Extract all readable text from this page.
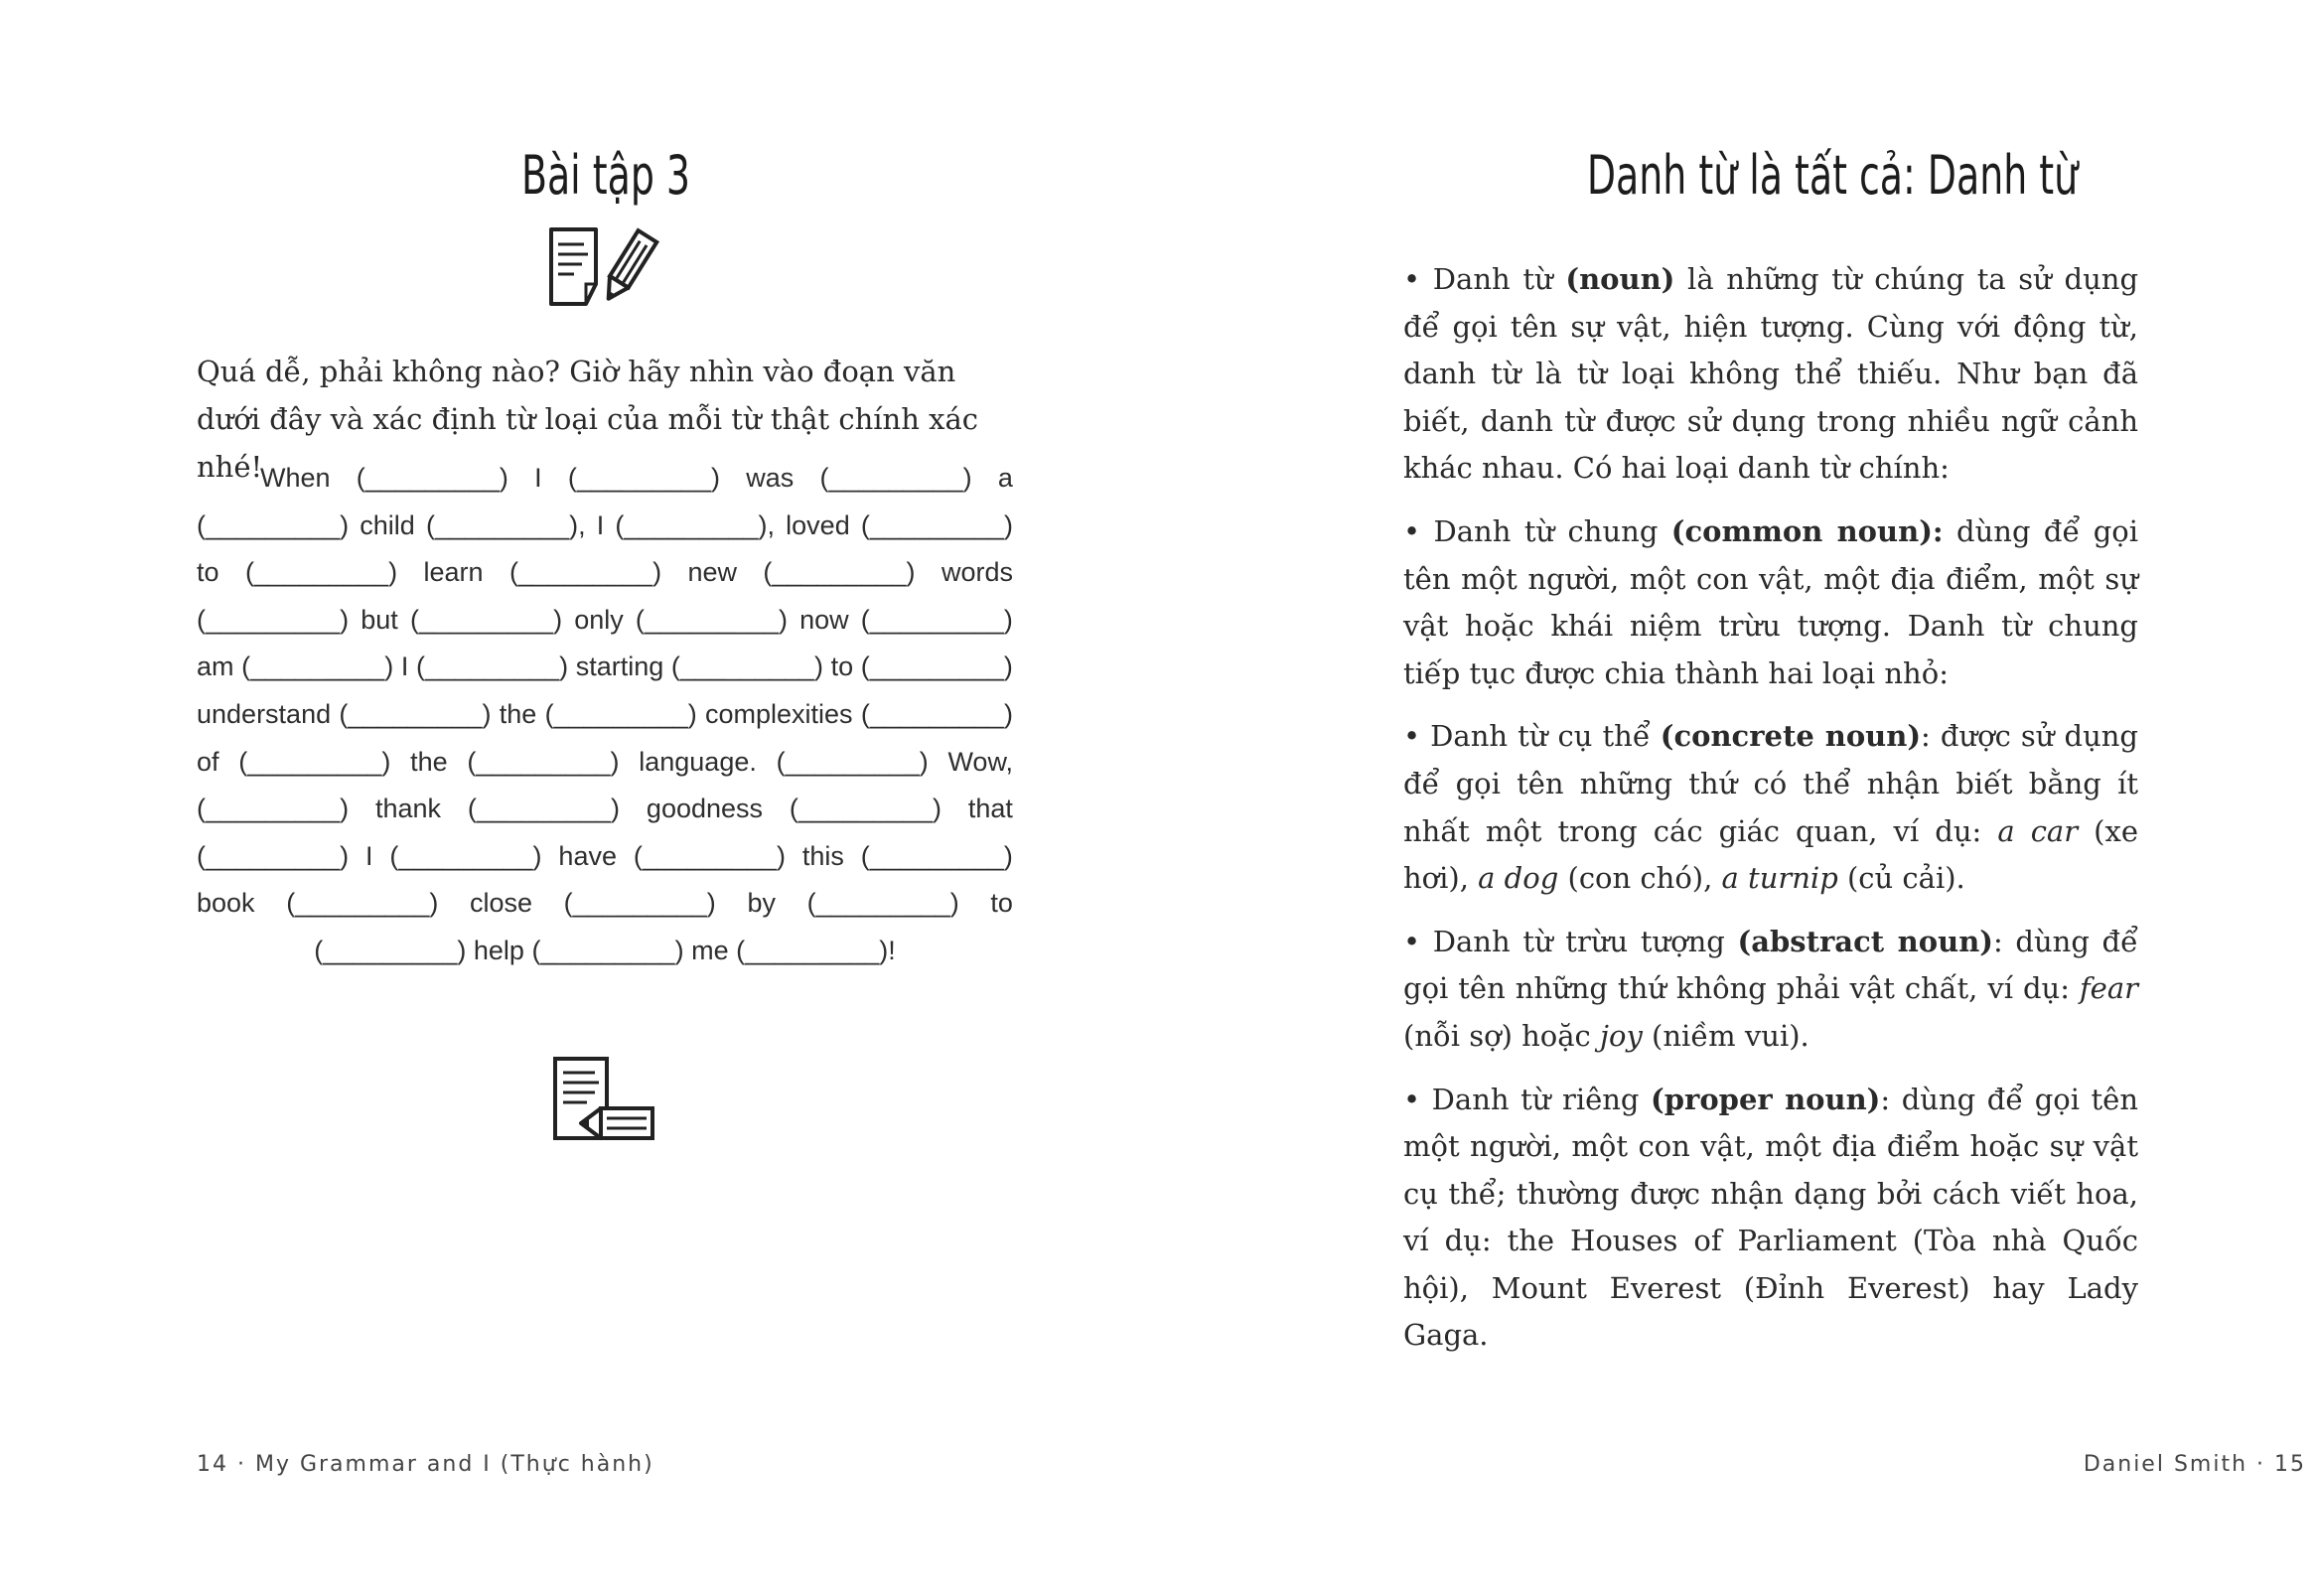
Bài tập 3

Quá dễ, phải không nào? Giờ hãy nhìn vào đoạn văn dưới đây và xác định từ loại của mỗi từ thật chính xác nhé!

When (_________) I (_________) was (_________) a (_________) child (_________), I (_________), loved (_________) to (_________) learn (_________) new (_________) words (_________) but (_________) only (_________) now (_________) am (_________) I (_________) starting (_________) to (_________) understand (_________) the (_________) complexities (_________) of (_________) the (_________) language. (_________) Wow, (_________) thank (_________) goodness (_________) that (_________) I (_________) have (_________) this (_________) book (_________) close (_________) by (_________) to (_________) help (_________) me (_________)!

14 · My Grammar and I (Thực hành)

Danh từ là tất cả: Danh từ

• Danh từ (noun) là những từ chúng ta sử dụng để gọi tên sự vật, hiện tượng. Cùng với động từ, danh từ là từ loại không thể thiếu. Như bạn đã biết, danh từ được sử dụng trong nhiều ngữ cảnh khác nhau. Có hai loại danh từ chính:

• Danh từ chung (common noun): dùng để gọi tên một người, một con vật, một địa điểm, một sự vật hoặc khái niệm trừu tượng. Danh từ chung tiếp tục được chia thành hai loại nhỏ:

• Danh từ cụ thể (concrete noun): được sử dụng để gọi tên những thứ có thể nhận biết bằng ít nhất một trong các giác quan, ví dụ: a car (xe hơi), a dog (con chó), a turnip (củ cải).

• Danh từ trừu tượng (abstract noun): dùng để gọi tên những thứ không phải vật chất, ví dụ: fear (nỗi sợ) hoặc joy (niềm vui).

• Danh từ riêng (proper noun): dùng để gọi tên một người, một con vật, một địa điểm hoặc sự vật cụ thể; thường được nhận dạng bởi cách viết hoa, ví dụ: the Houses of Parliament (Tòa nhà Quốc hội), Mount Everest (Đỉnh Everest) hay Lady Gaga.

Daniel Smith · 15
